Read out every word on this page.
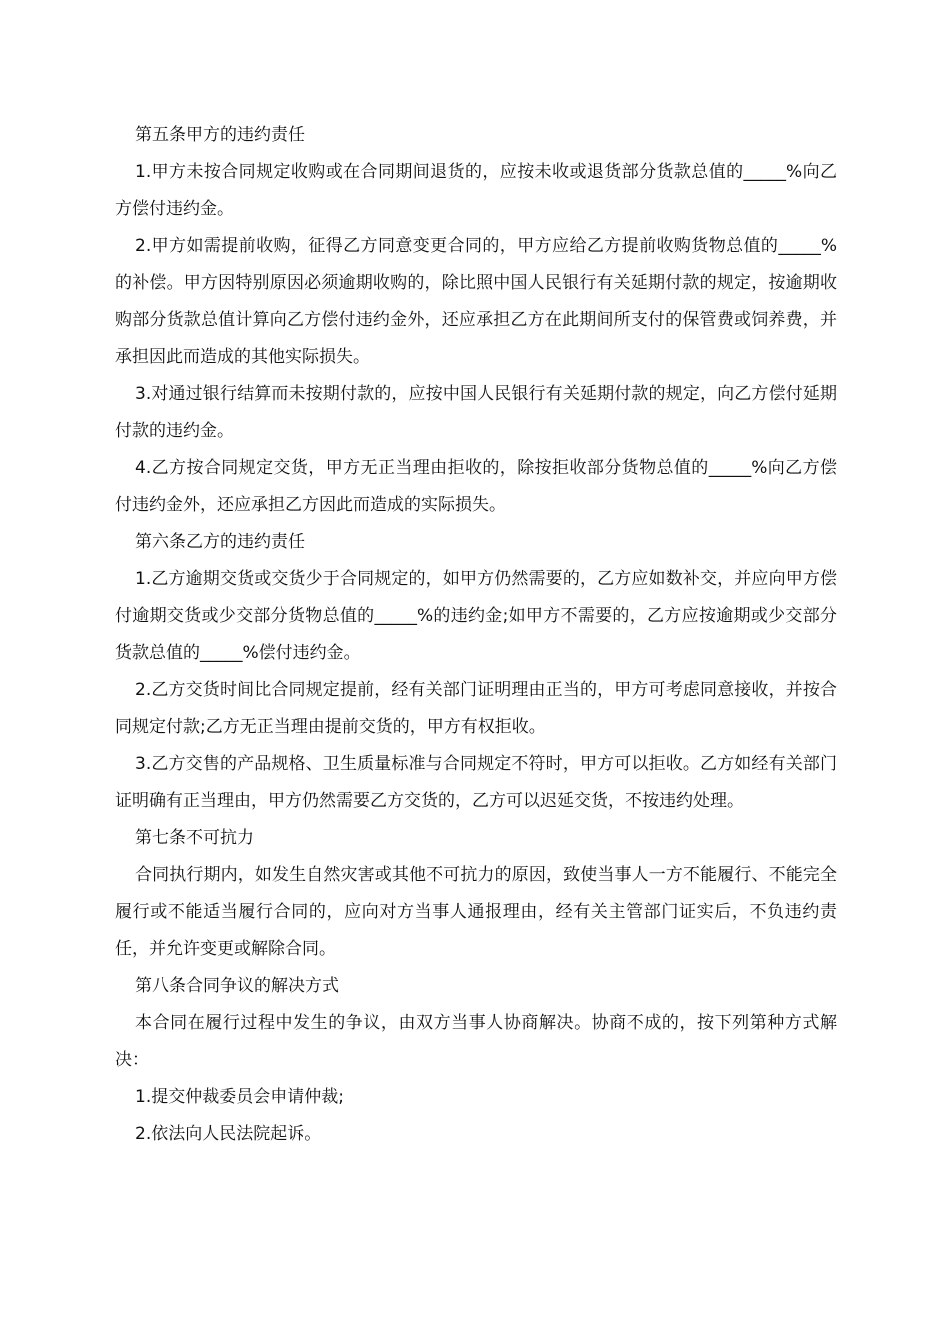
第五条甲方的违约责任

1.甲方未按合同规定收购或在合同期间退货的，应按未收或退货部分货款总值的_____%向乙方偿付违约金。

2.甲方如需提前收购，征得乙方同意变更合同的，甲方应给乙方提前收购货物总值的_____%的补偿。甲方因特别原因必须逾期收购的，除比照中国人民银行有关延期付款的规定，按逾期收购部分货款总值计算向乙方偿付违约金外，还应承担乙方在此期间所支付的保管费或饲养费，并承担因此而造成的其他实际损失。

3.对通过银行结算而未按期付款的，应按中国人民银行有关延期付款的规定，向乙方偿付延期付款的违约金。

4.乙方按合同规定交货，甲方无正当理由拒收的，除按拒收部分货物总值的_____%向乙方偿付违约金外，还应承担乙方因此而造成的实际损失。

第六条乙方的违约责任

1.乙方逾期交货或交货少于合同规定的，如甲方仍然需要的，乙方应如数补交，并应向甲方偿付逾期交货或少交部分货物总值的_____%的违约金;如甲方不需要的，乙方应按逾期或少交部分货款总值的_____%偿付违约金。

2.乙方交货时间比合同规定提前，经有关部门证明理由正当的，甲方可考虑同意接收，并按合同规定付款;乙方无正当理由提前交货的，甲方有权拒收。

3.乙方交售的产品规格、卫生质量标准与合同规定不符时，甲方可以拒收。乙方如经有关部门证明确有正当理由，甲方仍然需要乙方交货的，乙方可以迟延交货，不按违约处理。

第七条不可抗力

合同执行期内，如发生自然灾害或其他不可抗力的原因，致使当事人一方不能履行、不能完全履行或不能适当履行合同的，应向对方当事人通报理由，经有关主管部门证实后，不负违约责任，并允许变更或解除合同。

第八条合同争议的解决方式

本合同在履行过程中发生的争议，由双方当事人协商解决。协商不成的，按下列第种方式解决：

1.提交仲裁委员会申请仲裁;

2.依法向人民法院起诉。
